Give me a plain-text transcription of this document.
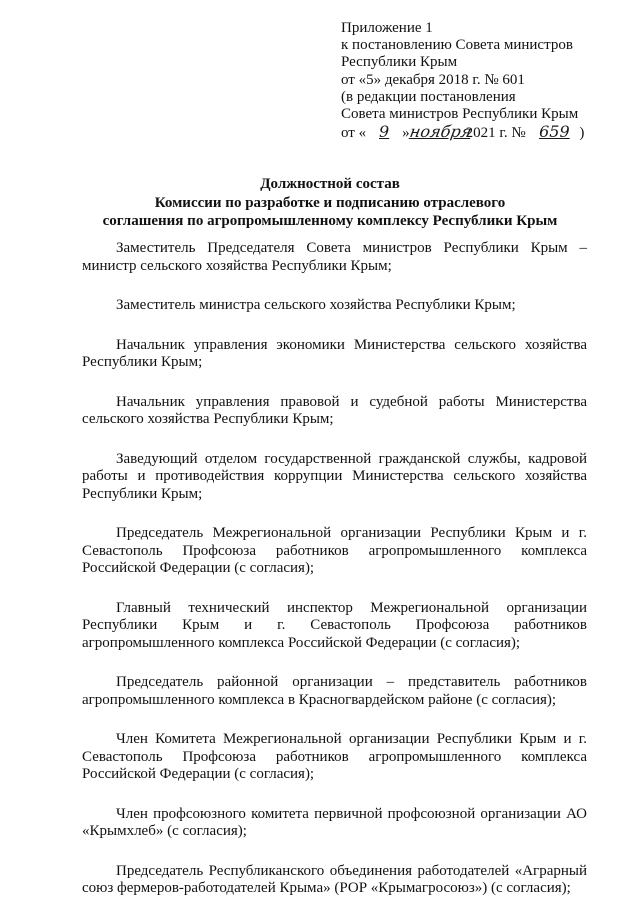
Приложение 1
к постановлению Совета министров
Республики Крым
от «5» декабря 2018 г. № 601
(в редакции постановления
Совета министров Республики Крым
от « 9 »ноября2021 г. № 659 )
Должностной состав
Комиссии по разработке и подписанию отраслевого
соглашения по агропромышленному комплексу Республики Крым

Заместитель Председателя Совета министров Республики Крым – министр сельского хозяйства Республики Крым;

Заместитель министра сельского хозяйства Республики Крым;

Начальник управления экономики Министерства сельского хозяйства Республики Крым;

Начальник управления правовой и судебной работы Министерства сельского хозяйства Республики Крым;

Заведующий отделом государственной гражданской службы, кадровой работы и противодействия коррупции Министерства сельского хозяйства Республики Крым;

Председатель Межрегиональной организации Республики Крым и г. Севастополь Профсоюза работников агропромышленного комплекса Российской Федерации (с согласия);

Главный технический инспектор Межрегиональной организации Республики Крым и г. Севастополь Профсоюза работников агропромышленного комплекса Российской Федерации (с согласия);

Председатель районной организации – представитель работников агропромышленного комплекса в Красногвардейском районе (с согласия);

Член Комитета Межрегиональной организации Республики Крым и г. Севастополь Профсоюза работников агропромышленного комплекса Российской Федерации (с согласия);

Член профсоюзного комитета первичной профсоюзной организации АО «Крымхлеб» (с согласия);

Председатель Республиканского объединения работодателей «Аграрный союз фермеров-работодателей Крыма» (РОР «Крымагросоюз») (с согласия);
